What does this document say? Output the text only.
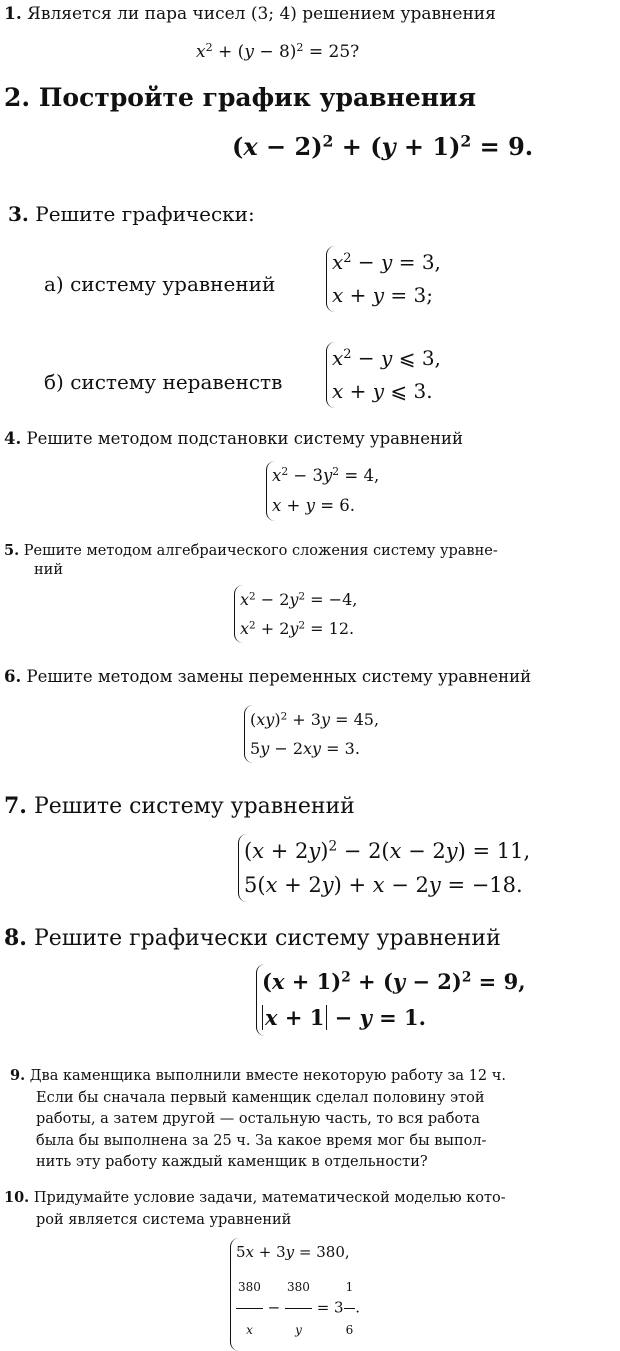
1. Является ли пара чисел (3; 4) решением уравнения
$x^2 + (y - 8)^2 = 25$?
2. Постройте график уравнения
$(x - 2)^2 + (y + 1)^2 = 9$.
3. Решите графически:
а) систему уравнений
$x^2 - y = 3$,
x + y = 3;
б) систему неравенств
$x^2 - y$ ⩽ 3,
x + y ⩽ 3.
4. Решите методом подстановки систему уравнений
$x^2 - 3y^2 = 4$,
x + y = 6.

5. Решите методом алгебраического сложения систему уравне-

ний

$x^2 - 2y^2 = -4$,
$x^2 + 2y^2 = 12$.
6. Решите методом замены переменных систему уравнений
(xy)$^2$ + 3y = 45,
5y − 2xy = 3.
7. Решите систему уравнений
$(x + 2y)^2 - 2(x - 2y) = 11$,
5(x + 2y) + x − 2y = −18.
8. Решите графически систему уравнений
$(x + 1)^2 + (y - 2)^2 = 9$,
x + 1 − y = 1.

9. Два каменщика выполнили вместе некоторую работу за 12 ч.

Если бы сначала первый каменщик сделал половину этой

работы, а затем другой — остальную часть, то вся работа

была бы выполнена за 25 ч. За какое время мог бы выпол-

нить эту работу каждый каменщик в отдельности?

10. Придумайте условие задачи, математической моделью кото-

рой является система уравнений

5x + 3y = 380,
$\frac{380}{x} - \frac{380}{y} = 3 \frac{1}{6}$ .
